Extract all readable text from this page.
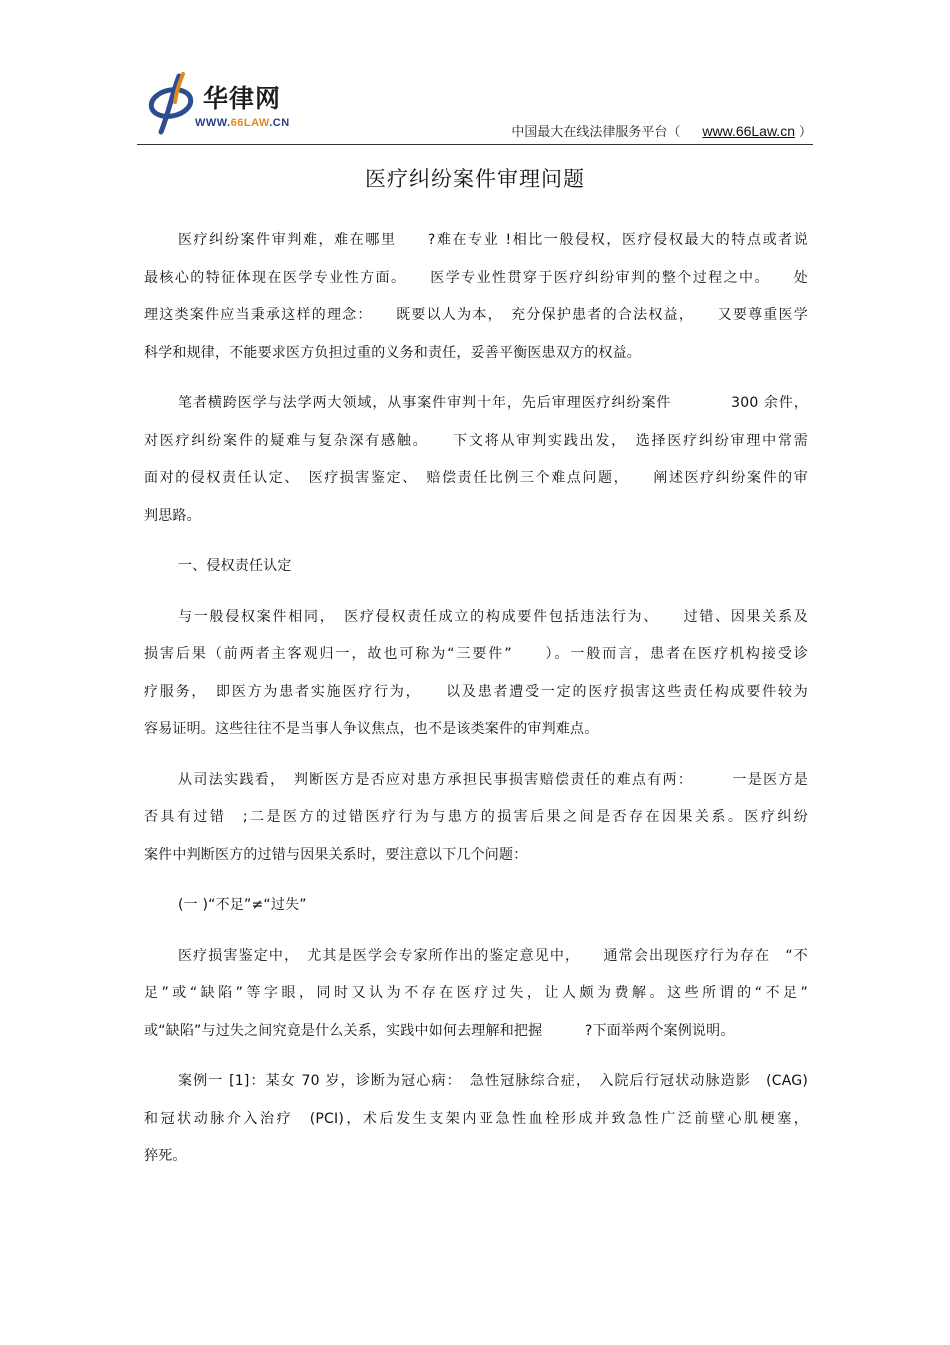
华律网
WWW.66LAW.CN
中国最大在线法律服务平台（ www.66Law.cn ）
医疗纠纷案件审理问题
医疗纠纷案件审判难，难在哪里　　?难在专业 !相比一般侵权，医疗侵权最大的特点或者说
最核心的特征体现在医学专业性方面。　　医学专业性贯穿于医疗纠纷审判的整个过程之中。　　处
理这类案件应当秉承这样的理念：　　既要以人为本，　充分保护患者的合法权益，　　又要尊重医学
科学和规律，不能要求医方负担过重的义务和责任，妥善平衡医患双方的权益。
笔者横跨医学与法学两大领域，从事案件审判十年，先后审理医疗纠纷案件　　　　300 余件，
对医疗纠纷案件的疑难与复杂深有感触。　　下文将从审判实践出发，　选择医疗纠纷审理中常需
面对的侵权责任认定、　医疗损害鉴定、　赔偿责任比例三个难点问题，　　阐述医疗纠纷案件的审
判思路。
一、侵权责任认定
与一般侵权案件相同，　医疗侵权责任成立的构成要件包括违法行为、　　过错、因果关系及
损害后果（前两者主客观归一，故也可称为“三要件”　　）。一般而言，患者在医疗机构接受诊
疗服务，　即医方为患者实施医疗行为，　　以及患者遭受一定的医疗损害这些责任构成要件较为
容易证明。这些往往不是当事人争议焦点，也不是该类案件的审判难点。
从司法实践看，　判断医方是否应对患方承担民事损害赔偿责任的难点有两：　　　一是医方是
否具有过错　;二是医方的过错医疗行为与患方的损害后果之间是否存在因果关系。医疗纠纷
案件中判断医方的过错与因果关系时，要注意以下几个问题：
(一 )“不足”≠“过失”
医疗损害鉴定中，　尤其是医学会专家所作出的鉴定意见中，　　通常会出现医疗行为存在　“不
足”或“缺陷”等字眼，同时又认为不存在医疗过失，让人颇为费解。这些所谓的“不足”
或“缺陷”与过失之间究竟是什么关系，实践中如何去理解和把握　　　?下面举两个案例说明。
案例一 [1]：某女 70 岁，诊断为冠心病：　急性冠脉综合症，　入院后行冠状动脉造影　(CAG)
和冠状动脉介入治疗　(PCI)，术后发生支架内亚急性血栓形成并致急性广泛前壁心肌梗塞，
猝死。
